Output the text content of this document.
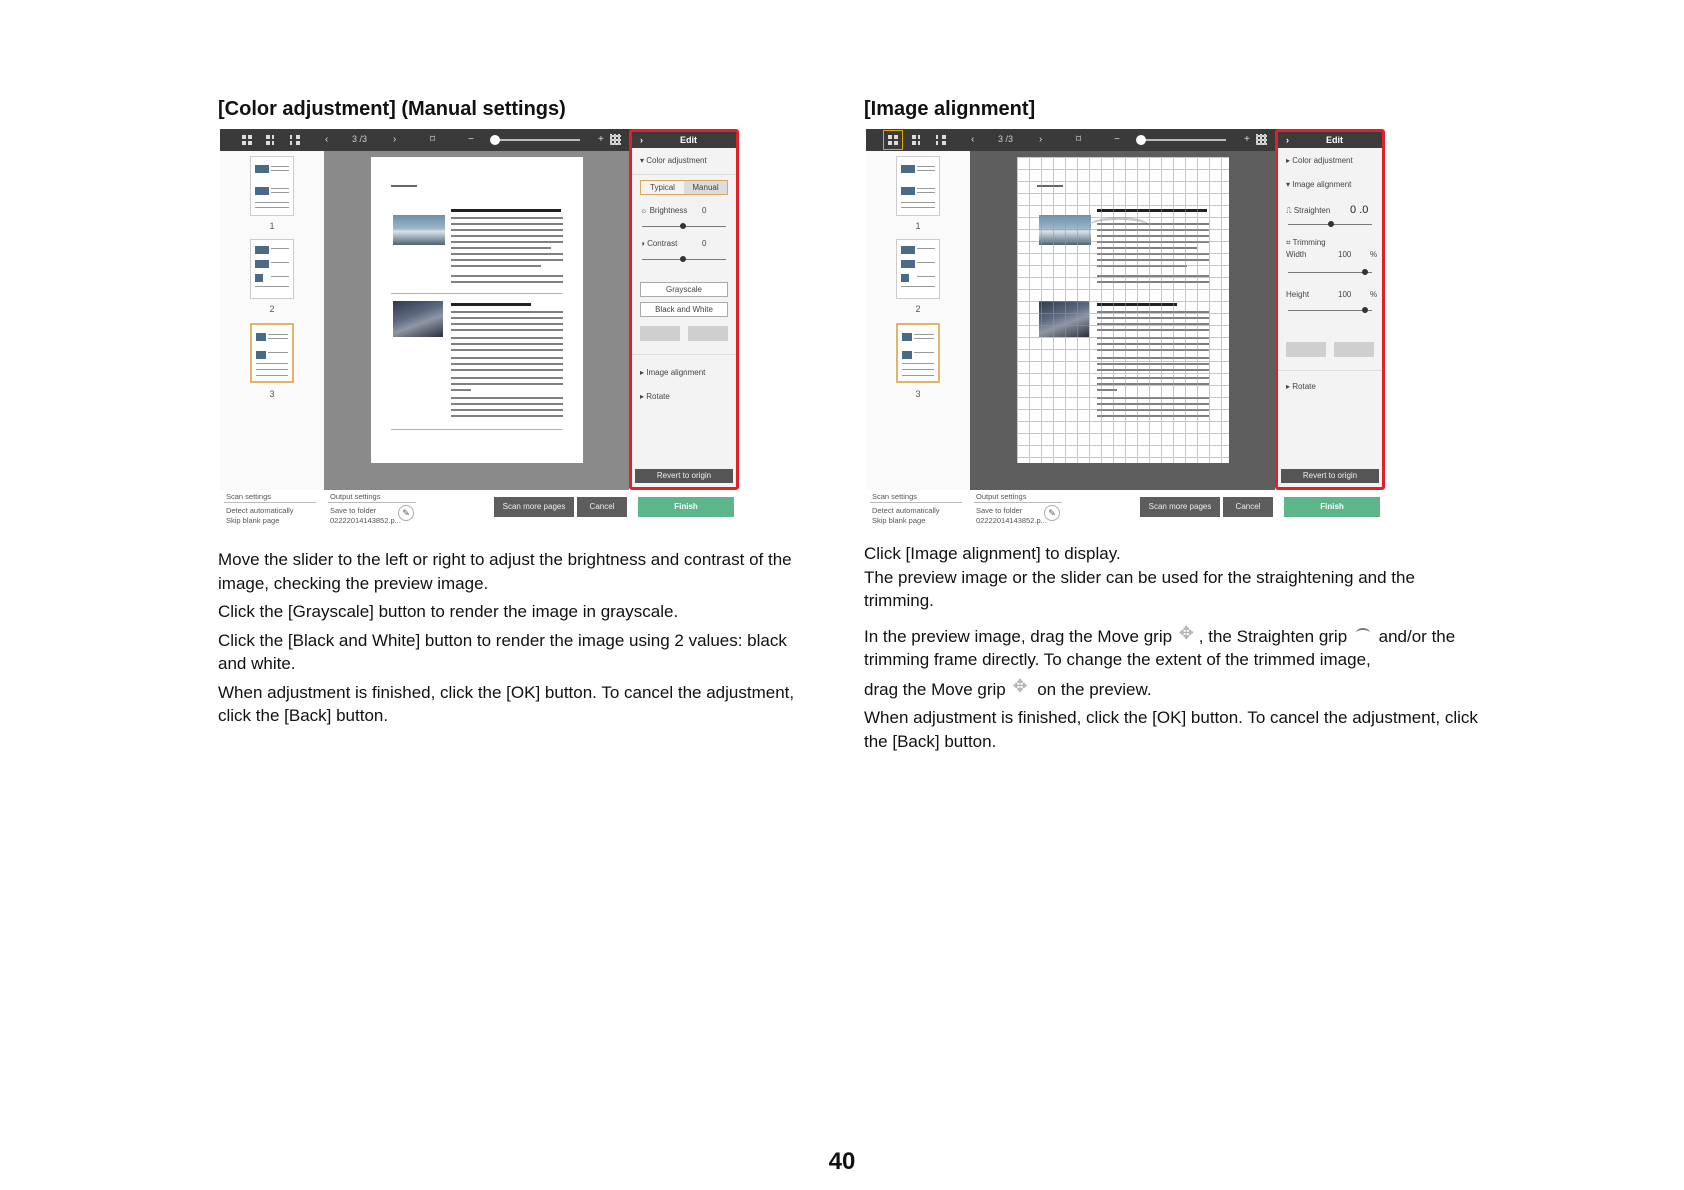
[Color adjustment] (Manual settings)
‹	3 /3	›	⌑	−	+
1
2
3
›	Edit
▾ Color adjustment
Typical	Manual
☼ Brightness 0
◑ Contrast	0
Grayscale
Black and White
▸ Image alignment
▸ Rotate
Revert to origin
Scan settings
Detect automatically
Skip blank page
Output settings
Save to folder
02222014143852.p...
✎
Scan more pages	Cancel	Finish

Move the slider to the left or right to adjust the brightness and contrast of the image, checking the preview image.

Click the [Grayscale] button to render the image in grayscale.

Click the [Black and White] button to render the image using 2 values: black and white.

When adjustment is finished, click the [OK] button. To cancel the adjustment, click the [Back] button.

[Image alignment]
‹	3 /3	›	⌑	−	+
1
2
3
›	Edit
▸ Color adjustment
▾ Image alignment
⎍ Straighten 0 .0
⌗ Trimming
Width	100 %
Height	100 %
▸ Rotate
Revert to origin
Scan settings
Detect automatically
Skip blank page
Output settings
Save to folder
02222014143852.p...
✎
Scan more pages	Cancel	Finish

Click [Image alignment] to display.

The preview image or the slider can be used for the straightening and the trimming.

In the preview image, drag the Move grip ✥ , the Straighten grip and/or the trimming frame directly. To change the extent of the trimmed image,

drag the Move grip ✥ on the preview.

When adjustment is finished, click the [OK] button. To cancel the adjustment, click the [Back] button.

40
